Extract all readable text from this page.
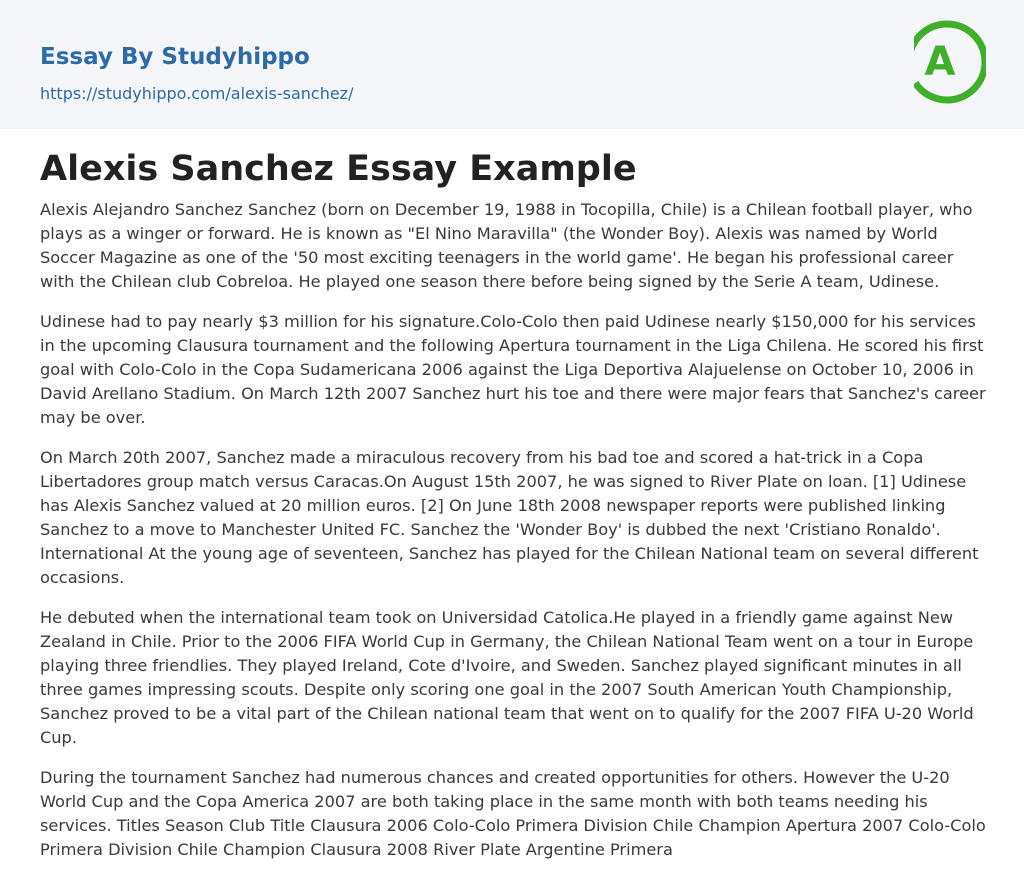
Essay By Studyhippo
https://studyhippo.com/alexis-sanchez/
A
Alexis Sanchez Essay Example

Alexis Alejandro Sanchez Sanchez (born on December 19, 1988 in Tocopilla, Chile) is a Chilean football player, who plays as a winger or forward. He is known as "El Nino Maravilla" (the Wonder Boy). Alexis was named by World Soccer Magazine as one of the '50 most exciting teenagers in the world game'. He began his professional career with the Chilean club Cobreloa. He played one season there before being signed by the Serie A team, Udinese.

Udinese had to pay nearly $3 million for his signature.Colo-Colo then paid Udinese nearly $150,000 for his services in the upcoming Clausura tournament and the following Apertura tournament in the Liga Chilena. He scored his first goal with Colo-Colo in the Copa Sudamericana 2006 against the Liga Deportiva Alajuelense on October 10, 2006 in David Arellano Stadium. On March 12th 2007 Sanchez hurt his toe and there were major fears that Sanchez's career may be over.

On March 20th 2007, Sanchez made a miraculous recovery from his bad toe and scored a hat-trick in a Copa Libertadores group match versus Caracas.On August 15th 2007, he was signed to River Plate on loan. [1] Udinese has Alexis Sanchez valued at 20 million euros. [2] On June 18th 2008 newspaper reports were published linking Sanchez to a move to Manchester United FC. Sanchez the 'Wonder Boy' is dubbed the next 'Cristiano Ronaldo'. International At the young age of seventeen, Sanchez has played for the Chilean National team on several different occasions.

He debuted when the international team took on Universidad Catolica.He played in a friendly game against New Zealand in Chile. Prior to the 2006 FIFA World Cup in Germany, the Chilean National Team went on a tour in Europe playing three friendlies. They played Ireland, Cote d'Ivoire, and Sweden. Sanchez played significant minutes in all three games impressing scouts. Despite only scoring one goal in the 2007 South American Youth Championship, Sanchez proved to be a vital part of the Chilean national team that went on to qualify for the 2007 FIFA U-20 World Cup.

During the tournament Sanchez had numerous chances and created opportunities for others. However the U-20 World Cup and the Copa America 2007 are both taking place in the same month with both teams needing his services. Titles Season Club Title Clausura 2006 Colo-Colo Primera Division Chile Champion Apertura 2007 Colo-Colo Primera Division Chile Champion Clausura 2008 River Plate Argentine Primera
